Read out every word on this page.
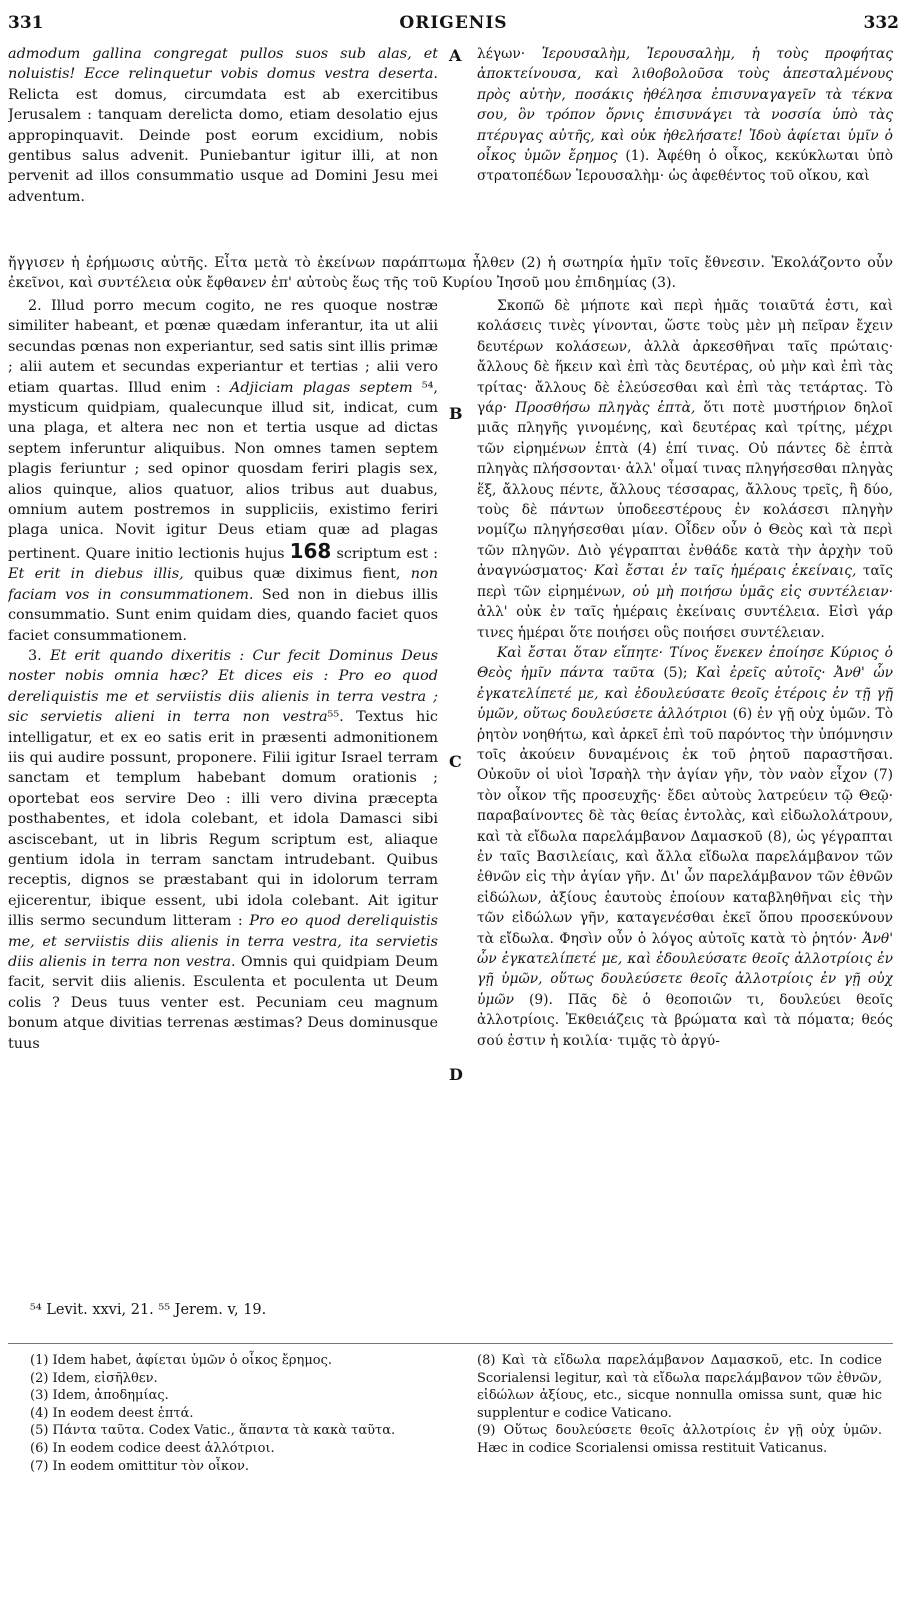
331	ORIGENIS	332
A
B
C
D

admodum gallina congregat pullos suos sub alas, et noluistis! Ecce relinquetur vobis domus vestra deserta. Relicta est domus, circumdata est ab exercitibus Jerusalem : tanquam derelicta domo, etiam desolatio ejus appropinquavit. Deinde post eorum excidium, nobis gentibus salus advenit. Puniebantur igitur illi, at non pervenit ad illos consummatio usque ad Domini Jesu mei adventum.

λέγων· Ἱερουσαλὴμ, Ἱερουσαλὴμ, ἡ τοὺς προφήτας ἀποκτείνουσα, καὶ λιθοβολοῦσα τοὺς ἀπεσταλμένους πρὸς αὐτὴν, ποσάκις ἠθέλησα ἐπισυναγαγεῖν τὰ τέκνα σου, ὃν τρόπον ὄρνις ἐπισυνάγει τὰ νοσσία ὑπὸ τὰς πτέρυγας αὐτῆς, καὶ οὐκ ἠθελήσατε! Ἰδοὺ ἀφίεται ὑμῖν ὁ οἶκος ὑμῶν ἔρημος (1). Ἀφέθη ὁ οἶκος, κεκύκλωται ὑπὸ στρατοπέδων Ἱερουσαλὴμ· ὡς ἀφεθέντος τοῦ οἴκου, καὶ

ἤγγισεν ἡ ἐρήμωσις αὐτῆς. Εἶτα μετὰ τὸ ἐκείνων παράπτωμα ἦλθεν (2) ἡ σωτηρία ἡμῖν τοῖς ἔθνεσιν. Ἐκολάζοντο οὖν ἐκεῖνοι, καὶ συντέλεια οὐκ ἔφθανεν ἐπ' αὐτοὺς ἕως τῆς τοῦ Κυρίου Ἰησοῦ μου ἐπιδημίας (3).

2. Illud porro mecum cogito, ne res quoque nostræ similiter habeant, et pœnæ quædam inferantur, ita ut alii secundas pœnas non experiantur, sed satis sint illis primæ ; alii autem et secundas experiantur et tertias ; alii vero etiam quartas. Illud enim : Adjiciam plagas septem ⁵⁴, mysticum quidpiam, qualecunque illud sit, indicat, cum una plaga, et altera nec non et tertia usque ad dictas septem inferuntur aliquibus. Non omnes tamen septem plagis feriuntur ; sed opinor quosdam feriri plagis sex, alios quinque, alios quatuor, alios tribus aut duabus, omnium autem postremos in suppliciis, existimo feriri plaga unica. Novit igitur Deus etiam quæ ad plagas pertinent. Quare initio lectionis hujus 168 scriptum est : Et erit in diebus illis, quibus quæ diximus fient, non faciam vos in consummationem. Sed non in diebus illis consummatio. Sunt enim quidam dies, quando faciet quos faciet consummationem.

3. Et erit quando dixeritis : Cur fecit Dominus Deus noster nobis omnia hæc? Et dices eis : Pro eo quod dereliquistis me et serviistis diis alienis in terra vestra ; sic servietis alieni in terra non vestra⁵⁵. Textus hic intelligatur, et ex eo satis erit in præsenti admonitionem iis qui audire possunt, proponere. Filii igitur Israel terram sanctam et templum habebant domum orationis ; oportebat eos servire Deo : illi vero divina præcepta posthabentes, et idola colebant, et idola Damasci sibi asciscebant, ut in libris Regum scriptum est, aliaque gentium idola in terram sanctam intrudebant. Quibus receptis, dignos se præstabant qui in idolorum terram ejicerentur, ibique essent, ubi idola colebant. Ait igitur illis sermo secundum litteram : Pro eo quod dereliquistis me, et serviistis diis alienis in terra vestra, ita servietis diis alienis in terra non vestra. Omnis qui quidpiam Deum facit, servit diis alienis. Esculenta et poculenta ut Deum colis ? Deus tuus venter est. Pecuniam ceu magnum bonum atque divitias terrenas æstimas? Deus dominusque tuus

Σκοπῶ δὲ μήποτε καὶ περὶ ἡμᾶς τοιαῦτά ἐστι, καὶ κολάσεις τινὲς γίνονται, ὥστε τοὺς μὲν μὴ πεῖραν ἔχειν δευτέρων κολάσεων, ἀλλὰ ἀρκεσθῆναι ταῖς πρώταις· ἄλλους δὲ ἥκειν καὶ ἐπὶ τὰς δευτέρας, οὐ μὴν καὶ ἐπὶ τὰς τρίτας· ἄλλους δὲ ἐλεύσεσθαι καὶ ἐπὶ τὰς τετάρτας. Τὸ γάρ· Προσθήσω πληγὰς ἑπτὰ, ὅτι ποτὲ μυστήριον δηλοῖ μιᾶς πληγῆς γινομένης, καὶ δευτέρας καὶ τρίτης, μέχρι τῶν εἰρημένων ἑπτὰ (4) ἐπί τινας. Οὐ πάντες δὲ ἑπτὰ πληγὰς πλήσσονται· ἀλλ' οἶμαί τινας πληγήσεσθαι πληγὰς ἕξ, ἄλλους πέντε, ἄλλους τέσσαρας, ἄλλους τρεῖς, ἢ δύο, τοὺς δὲ πάντων ὑποδεεστέρους ἐν κολάσεσι πληγὴν νομίζω πληγήσεσθαι μίαν. Οἶδεν οὖν ὁ Θεὸς καὶ τὰ περὶ τῶν πληγῶν. Διὸ γέγραπται ἐνθάδε κατὰ τὴν ἀρχὴν τοῦ ἀναγνώσματος· Καὶ ἔσται ἐν ταῖς ἡμέραις ἐκείναις, ταῖς περὶ τῶν εἰρημένων, οὐ μὴ ποιήσω ὑμᾶς εἰς συντέλειαν· ἀλλ' οὐκ ἐν ταῖς ἡμέραις ἐκείναις συντέλεια. Εἰσὶ γάρ τινες ἡμέραι ὅτε ποιήσει οὓς ποιήσει συντέλειαν.

Καὶ ἔσται ὅταν εἴπητε· Τίνος ἕνεκεν ἐποίησε Κύριος ὁ Θεὸς ἡμῖν πάντα ταῦτα (5); Καὶ ἐρεῖς αὐτοῖς· Ἀνθ' ὧν ἐγκατελίπετέ με, καὶ ἐδουλεύσατε θεοῖς ἑτέροις ἐν τῇ γῇ ὑμῶν, οὕτως δουλεύσετε ἀλλότριοι (6) ἐν γῇ οὐχ ὑμῶν. Τὸ ῥητὸν νοηθήτω, καὶ ἀρκεῖ ἐπὶ τοῦ παρόντος τὴν ὑπόμνησιν τοῖς ἀκούειν δυναμένοις ἐκ τοῦ ῥητοῦ παραστῆσαι. Οὐκοῦν οἱ υἱοὶ Ἰσραὴλ τὴν ἁγίαν γῆν, τὸν ναὸν εἶχον (7) τὸν οἶκον τῆς προσευχῆς· ἔδει αὐτοὺς λατρεύειν τῷ Θεῷ· παραβαίνοντες δὲ τὰς θείας ἐντολὰς, καὶ εἰδωλολάτρουν, καὶ τὰ εἴδωλα παρελάμβανον Δαμασκοῦ (8), ὡς γέγραπται ἐν ταῖς Βασιλείαις, καὶ ἄλλα εἴδωλα παρελάμβανον τῶν ἐθνῶν εἰς τὴν ἁγίαν γῆν. Δι' ὧν παρελάμβανον τῶν ἐθνῶν εἰδώλων, ἀξίους ἑαυτοὺς ἐποίουν καταβληθῆναι εἰς τὴν τῶν εἰδώλων γῆν, καταγενέσθαι ἐκεῖ ὅπου προσεκύνουν τὰ εἴδωλα. Φησὶν οὖν ὁ λόγος αὐτοῖς κατὰ τὸ ῥητόν· Ἀνθ' ὧν ἐγκατελίπετέ με, καὶ ἐδουλεύσατε θεοῖς ἀλλοτρίοις ἐν γῇ ὑμῶν, οὕτως δουλεύσετε θεοῖς ἀλλοτρίοις ἐν γῇ οὐχ ὑμῶν (9). Πᾶς δὲ ὁ θεοποιῶν τι, δουλεύει θεοῖς ἀλλοτρίοις. Ἐκθειάζεις τὰ βρώματα καὶ τὰ πόματα; θεός σού ἐστιν ἡ κοιλία· τιμᾷς τὸ ἀργύ-

⁵⁴ Levit. xxvi, 21. ⁵⁵ Jerem. v, 19.
(1) Idem habet, ἀφίεται ὑμῶν ὁ οἶκος ἔρημος.
(2) Idem, εἰσῆλθεν.
(3) Idem, ἀποδημίας.
(4) In eodem deest ἑπτά.
(5) Πάντα ταῦτα. Codex Vatic., ἅπαντα τὰ κακὰ ταῦτα.
(6) In eodem codice deest ἀλλότριοι.
(7) In eodem omittitur τὸν οἶκον.
(8) Καὶ τὰ εἴδωλα παρελάμβανον Δαμασκοῦ, etc. In codice Scorialensi legitur, καὶ τὰ εἴδωλα παρελάμβανον τῶν ἐθνῶν, εἰδώλων ἀξίους, etc., sicque nonnulla omissa sunt, quæ hic supplentur e codice Vaticano.
(9) Οὕτως δουλεύσετε θεοῖς ἀλλοτρίοις ἐν γῇ οὐχ ὑμῶν. Hæc in codice Scorialensi omissa restituit Vaticanus.
